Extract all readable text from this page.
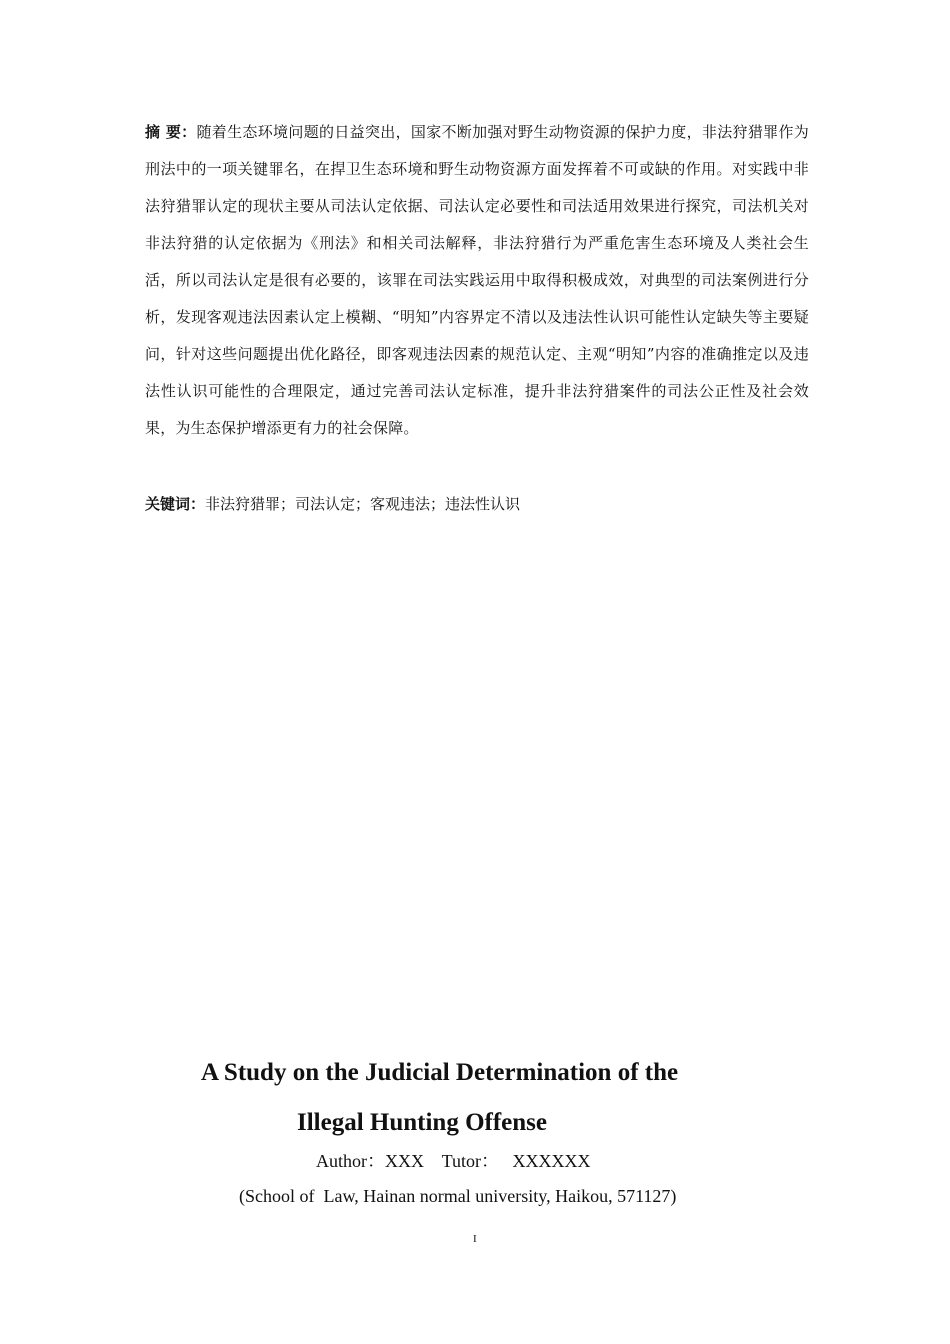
摘 要：随着生态环境问题的日益突出，国家不断加强对野生动物资源的保护力度，非法狩猎罪作为刑法中的一项关键罪名，在捍卫生态环境和野生动物资源方面发挥着不可或缺的作用。对实践中非法狩猎罪认定的现状主要从司法认定依据、司法认定必要性和司法适用效果进行探究，司法机关对非法狩猎的认定依据为《刑法》和相关司法解释，非法狩猎行为严重危害生态环境及人类社会生活，所以司法认定是很有必要的，该罪在司法实践运用中取得积极成效，对典型的司法案例进行分析，发现客观违法因素认定上模糊、“明知”内容界定不清以及违法性认识可能性认定缺失等主要疑问，针对这些问题提出优化路径，即客观违法因素的规范认定、主观“明知”内容的准确推定以及违法性认识可能性的合理限定，通过完善司法认定标准，提升非法狩猎案件的司法公正性及社会效果，为生态保护增添更有力的社会保障。
关键词：非法狩猎罪；司法认定；客观违法；违法性认识
A Study on the Judicial Determination of the
Illegal Hunting Offense
Author：XXX    Tutor：   XXXXXX
(School of  Law, Hainan normal university, Haikou, 571127)
I
